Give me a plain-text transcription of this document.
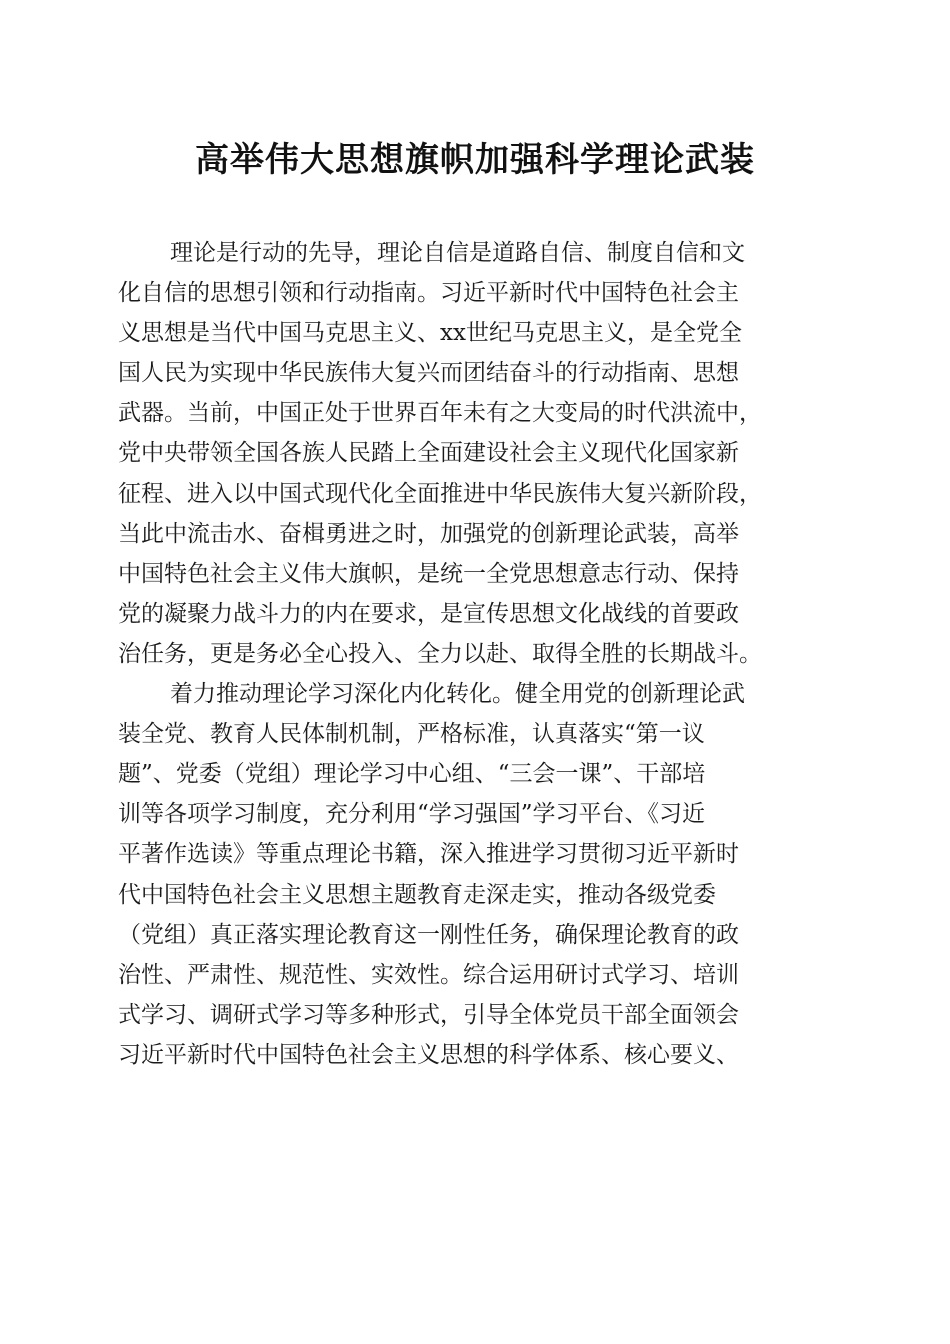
高举伟大思想旗帜加强科学理论武装

理论是行动的先导，理论自信是道路自信、制度自信和文
化自信的思想引领和行动指南。习近平新时代中国特色社会主
义思想是当代中国马克思主义、xx世纪马克思主义，是全党全
国人民为实现中华民族伟大复兴而团结奋斗的行动指南、思想
武器。当前，中国正处于世界百年未有之大变局的时代洪流中，
党中央带领全国各族人民踏上全面建设社会主义现代化国家新
征程、进入以中国式现代化全面推进中华民族伟大复兴新阶段，
当此中流击水、奋楫勇进之时，加强党的创新理论武装，高举
中国特色社会主义伟大旗帜，是统一全党思想意志行动、保持
党的凝聚力战斗力的内在要求，是宣传思想文化战线的首要政
治任务，更是务必全心投入、全力以赴、取得全胜的长期战斗。

着力推动理论学习深化内化转化。健全用党的创新理论武
装全党、教育人民体制机制，严格标准，认真落实“第一议
题”、党委（党组）理论学习中心组、“三会一课”、干部培
训等各项学习制度，充分利用“学习强国”学习平台、《习近
平著作选读》等重点理论书籍，深入推进学习贯彻习近平新时
代中国特色社会主义思想主题教育走深走实，推动各级党委
（党组）真正落实理论教育这一刚性任务，确保理论教育的政
治性、严肃性、规范性、实效性。综合运用研讨式学习、培训
式学习、调研式学习等多种形式，引导全体党员干部全面领会
习近平新时代中国特色社会主义思想的科学体系、核心要义、
